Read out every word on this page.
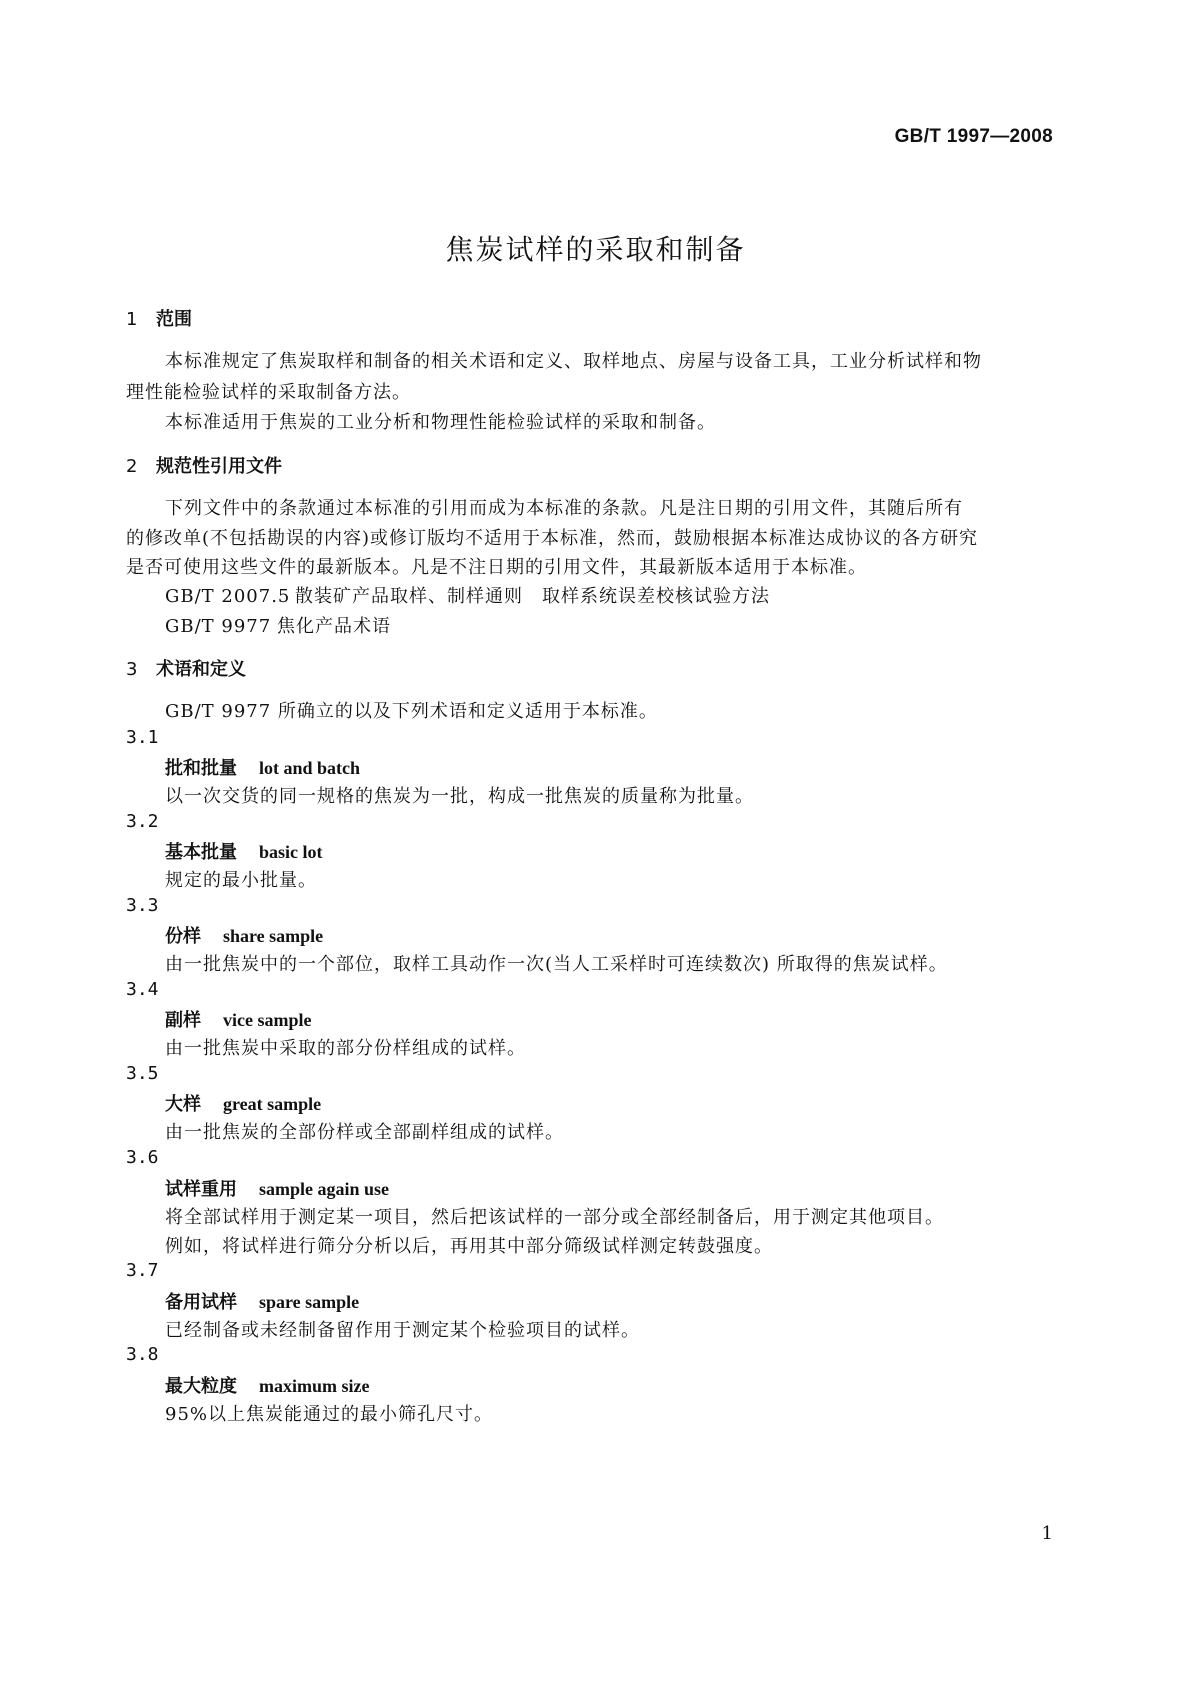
GB/T 1997—2008
焦炭试样的采取和制备
1 范围
本标准规定了焦炭取样和制备的相关术语和定义、取样地点、房屋与设备工具，工业分析试样和物
理性能检验试样的采取制备方法。
本标准适用于焦炭的工业分析和物理性能检验试样的采取和制备。
2 规范性引用文件
下列文件中的条款通过本标准的引用而成为本标准的条款。凡是注日期的引用文件，其随后所有
的修改单(不包括勘误的内容)或修订版均不适用于本标准，然而，鼓励根据本标准达成协议的各方研究
是否可使用这些文件的最新版本。凡是不注日期的引用文件，其最新版本适用于本标准。
GB/T 2007.5 散装矿产品取样、制样通则　取样系统误差校核试验方法
GB/T 9977 焦化产品术语
3 术语和定义
GB/T 9977 所确立的以及下列术语和定义适用于本标准。
3.1
批和批量 lot and batch
以一次交货的同一规格的焦炭为一批，构成一批焦炭的质量称为批量。
3.2
基本批量 basic lot
规定的最小批量。
3.3
份样 share sample
由一批焦炭中的一个部位，取样工具动作一次(当人工采样时可连续数次) 所取得的焦炭试样。
3.4
副样 vice sample
由一批焦炭中采取的部分份样组成的试样。
3.5
大样 great sample
由一批焦炭的全部份样或全部副样组成的试样。
3.6
试样重用 sample again use
将全部试样用于测定某一项目，然后把该试样的一部分或全部经制备后，用于测定其他项目。
例如，将试样进行筛分分析以后，再用其中部分筛级试样测定转鼓强度。
3.7
备用试样 spare sample
已经制备或未经制备留作用于测定某个检验项目的试样。
3.8
最大粒度 maximum size
95%以上焦炭能通过的最小筛孔尺寸。
1
